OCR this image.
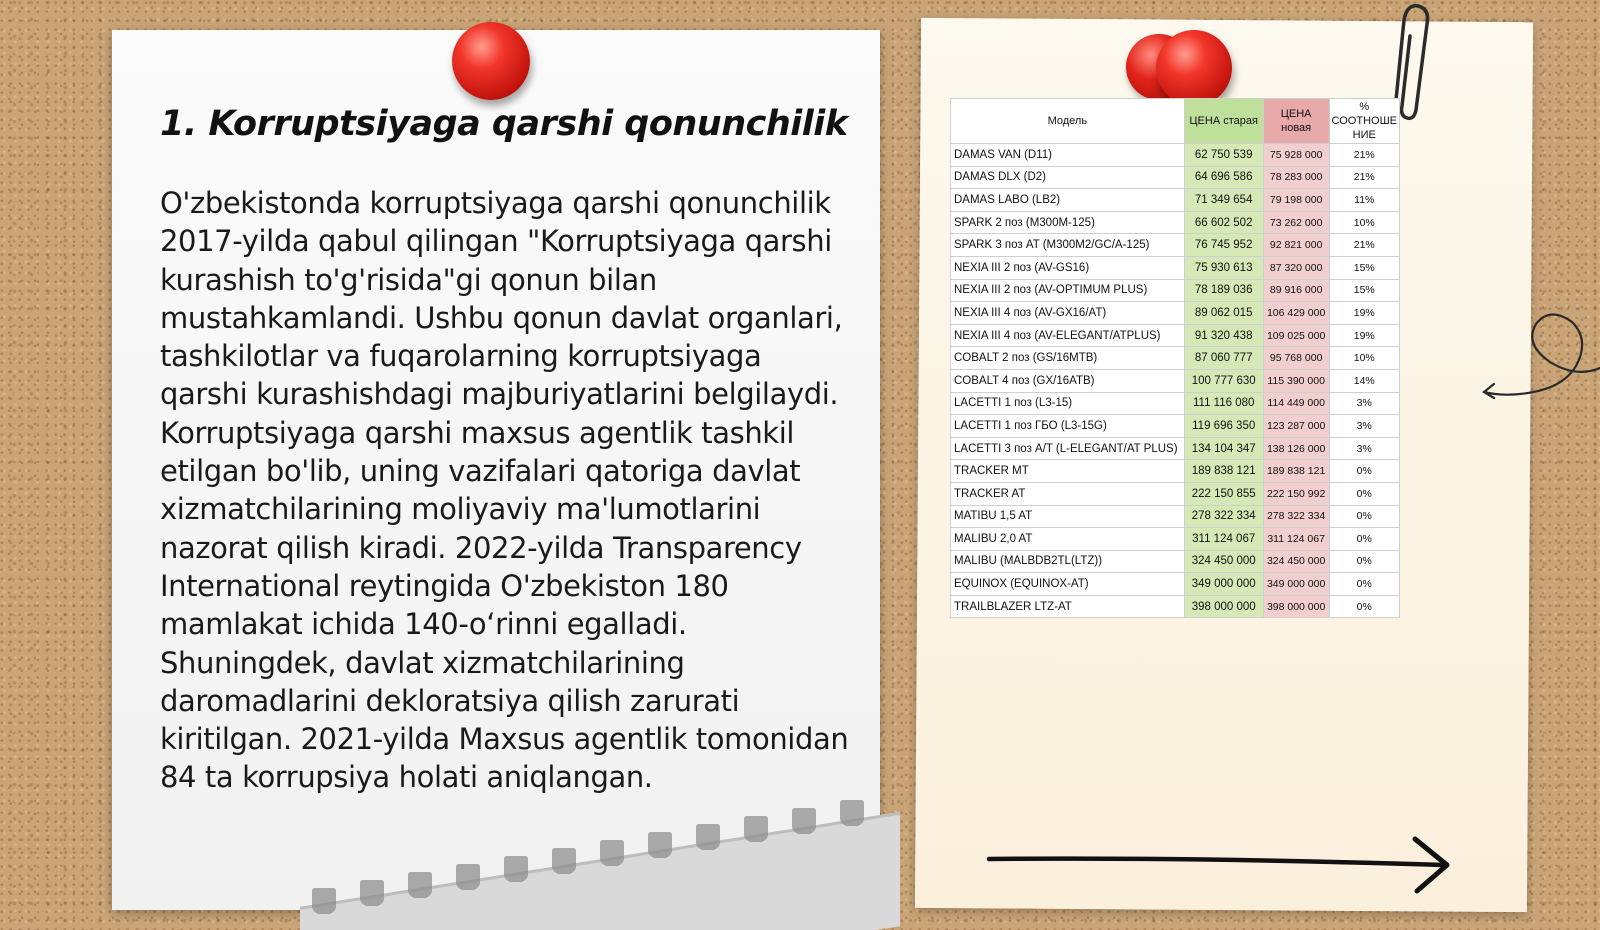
1. Korruptsiyaga qarshi qonunchilik

O'zbekistonda korruptsiyaga qarshi qonunchilik 2017-yilda qabul qilingan "Korruptsiyaga qarshi kurashish to'g'risida"gi qonun bilan mustahkamlandi. Ushbu qonun davlat organlari, tashkilotlar va fuqarolarning korruptsiyaga qarshi kurashishdagi majburiyatlarini belgilaydi. Korruptsiyaga qarshi maxsus agentlik tashkil etilgan bo'lib, uning vazifalari qatoriga davlat xizmatchilarining moliyaviy ma'lumotlarini nazorat qilish kiradi. 2022-yilda Transparency International reytingida O'zbekiston 180 mamlakat ichida 140-o‘rinni egalladi. Shuningdek, davlat xizmatchilarining daromadlarini dekloratsiya qilish zarurati kiritilgan. 2021-yilda Maxsus agentlik tomonidan 84 ta korrupsiya holati aniqlangan.

Модель	ЦЕНА старая	ЦЕНА новая	% СООТНОШЕ НИЕ
DAMAS VAN (D11)	62 750 539	75 928 000	21%
DAMAS DLX (D2)	64 696 586	78 283 000	21%
DAMAS LABO (LB2)	71 349 654	79 198 000	11%
SPARK 2 поз (M300M-125)	66 602 502	73 262 000	10%
SPARK 3 поз AT (M300M2/GC/A-125)	76 745 952	92 821 000	21%
NEXIA III 2 поз (AV-GS16)	75 930 613	87 320 000	15%
NEXIA III 2 поз (AV-OPTIMUM PLUS)	78 189 036	89 916 000	15%
NEXIA III 4 поз (AV-GX16/AT)	89 062 015	106 429 000	19%
NEXIA III 4 поз (AV-ELEGANT/ATPLUS)	91 320 438	109 025 000	19%
COBALT 2 поз (GS/16MTB)	87 060 777	95 768 000	10%
COBALT 4 поз (GX/16ATB)	100 777 630	115 390 000	14%
LACETTI 1 поз (L3-15)	111 116 080	114 449 000	3%
LACETTI 1 поз ГБО (L3-15G)	119 696 350	123 287 000	3%
LACETTI 3 поз A/T (L-ELEGANT/AT PLUS)	134 104 347	138 126 000	3%
TRACKER MT	189 838 121	189 838 121	0%
TRACKER AT	222 150 855	222 150 992	0%
MATIBU 1,5 AT	278 322 334	278 322 334	0%
MALIBU 2,0 AT	311 124 067	311 124 067	0%
MALIBU (MALBDB2TL(LTZ))	324 450 000	324 450 000	0%
EQUINOX (EQUINOX-AT)	349 000 000	349 000 000	0%
TRAILBLAZER LTZ-AT	398 000 000	398 000 000	0%
